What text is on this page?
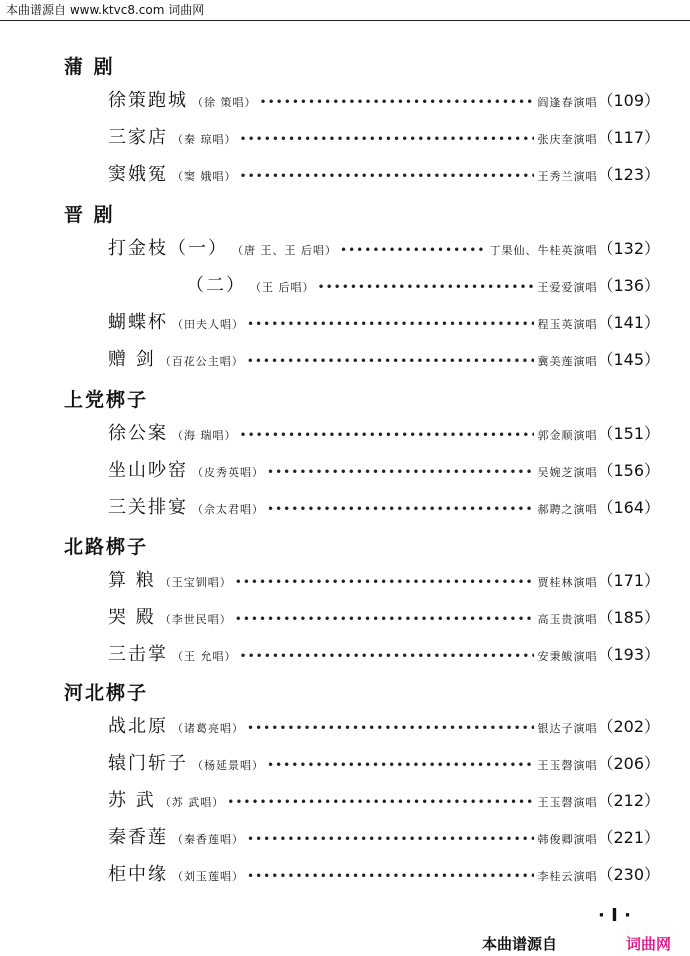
本曲谱源自 www.ktvc8.com 词曲网
蒲 剧
徐策跑城 （徐 策唱） •••••	阎逢春演唱 （109）
三家店 （秦 琼唱） •••••	张庆奎演唱 （117）
窦娥冤 （窦 娥唱） •••••	王秀兰演唱 （123）
晋 剧
打金枝（一） （唐 王、王 后唱） •••••	丁果仙、牛桂英演唱 （132）
（二） （王 后唱） •••••	王爱爱演唱 （136）
蝴蝶杯 （田夫人唱） •••••	程玉英演唱 （141）
赠 剑 （百花公主唱） •••••	冀美莲演唱 （145）
上党梆子
徐公案 （海 瑞唱） •••••	郭金顺演唱 （151）
坐山吵窑 （皮秀英唱） •••••	吴婉芝演唱 （156）
三关排宴 （佘太君唱） •••••	郝聘之演唱 （164）
北路梆子
算 粮 （王宝钏唱） •••••	贾桂林演唱 （171）
哭 殿 （李世民唱） •••••	高玉贵演唱 （185）
三击掌 （王 允唱） •••••	安秉鲅演唱 （193）
河北梆子
战北原 （诸葛亮唱） •••••	银达子演唱 （202）
辕门斩子 （杨延景唱） •••••	王玉磬演唱 （206）
苏 武 （苏 武唱） •••••	王玉磬演唱 （212）
秦香莲 （秦香莲唱） •••••	韩俊卿演唱 （221）
柜中缘 （刘玉莲唱） •••••	李桂云演唱 （230）
· I ·
本曲谱源自	词曲网
